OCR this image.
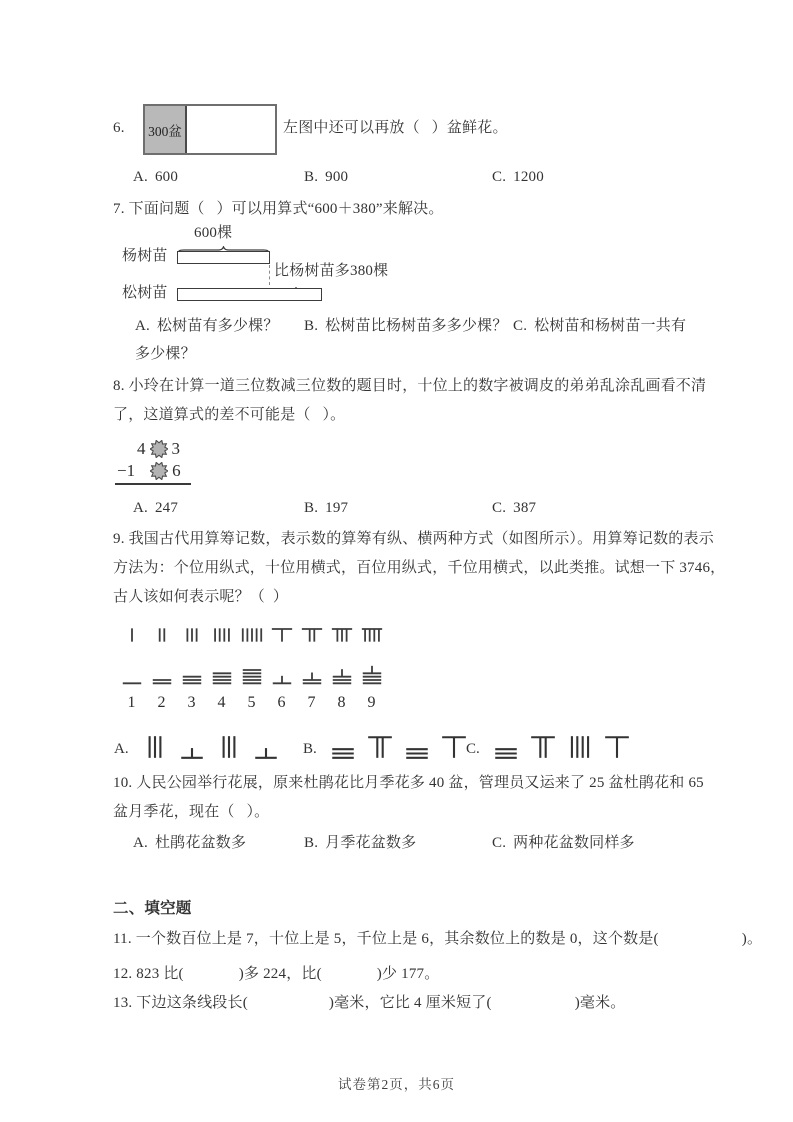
6. 300盆	左图中还可以再放（   ）盆鲜花。
A. 600	B. 900	C. 1200
7. 下面问题（   ）可以用算式“600＋380”来解决。
600棵
杨树苗
比杨树苗多380棵
松树苗
A. 松树苗有多少棵？ B. 松树苗比杨树苗多多少棵？ C. 松树苗和杨树苗一共有
多少棵？
8. 小玲在计算一道三位数减三位数的题目时，十位上的数字被调皮的弟弟乱涂乱画看不清
了，这道算式的差不可能是（   ）。
4 3
−1 6
A. 247	B. 197	C. 387
9. 我国古代用算筹记数，表示数的算筹有纵、横两种方式（如图所示）。用算筹记数的表示
方法为：个位用纵式，十位用横式，百位用纵式，千位用横式，以此类推。试想一下 3746，
古人该如何表示呢？（  ）
1 2 3 4 5 6 7 8 9
A.	B.	C.
10. 人民公园举行花展，原来杜鹃花比月季花多 40 盆，管理员又运来了 25 盆杜鹃花和 65
盆月季花，现在（   ）。
A. 杜鹃花盆数多	B. 月季花盆数多	C. 两种花盆数同样多
二、填空题
11. 一个数百位上是 7，十位上是 5，千位上是 6，其余数位上的数是 0，这个数是(	)。
12. 823 比(	)多 224，比(	)少 177。
13. 下边这条线段长(	)毫米，它比 4 厘米短了(	)毫米。
试卷第2页，共6页
